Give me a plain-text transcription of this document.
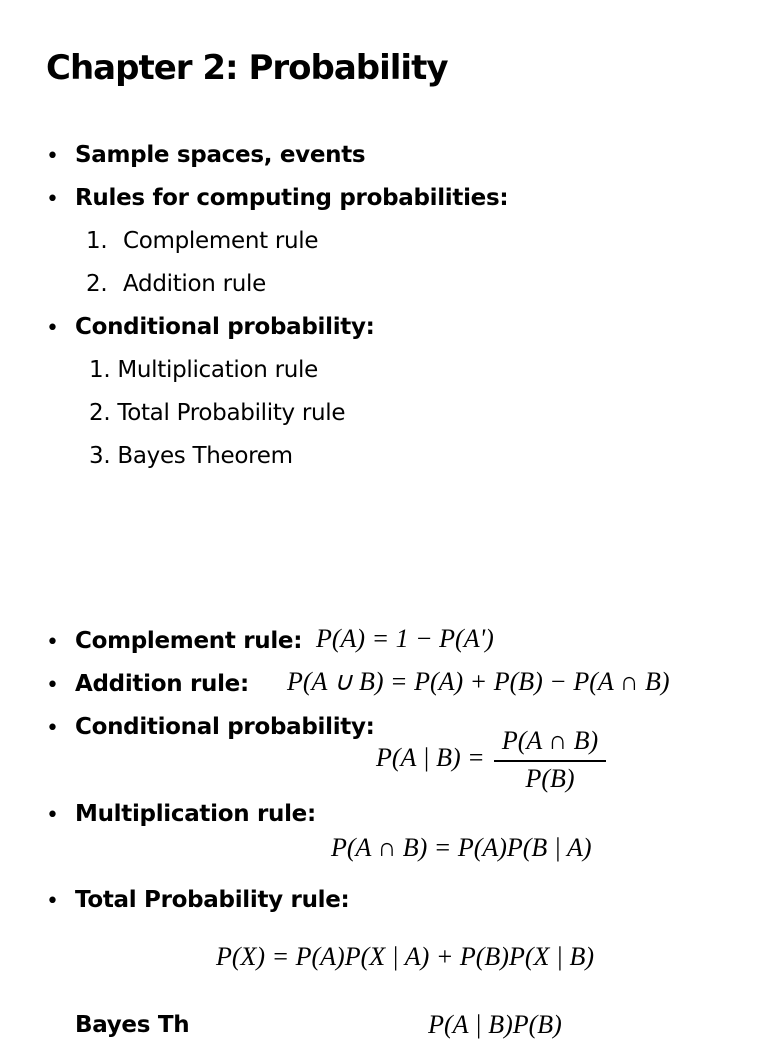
Chapter 2: Probability
• Sample spaces, events
• Rules for computing probabilities:
1. Complement rule
2. Addition rule
• Conditional probability:
1. Multiplication rule
2. Total Probability rule
3. Bayes Theorem
• Complement rule: P(A) = 1 − P(A')
• Addition rule: P(A ∪ B) = P(A) + P(B) − P(A ∩ B)
• Conditional probability:
P(A | B) =
P(A ∩ B)
P(B)
• Multiplication rule:
P(A ∩ B) = P(A)P(B | A)
• Total Probability rule:
P(X) = P(A)P(X | A) + P(B)P(X | B)
Bayes Th	P(A | B)P(B)
